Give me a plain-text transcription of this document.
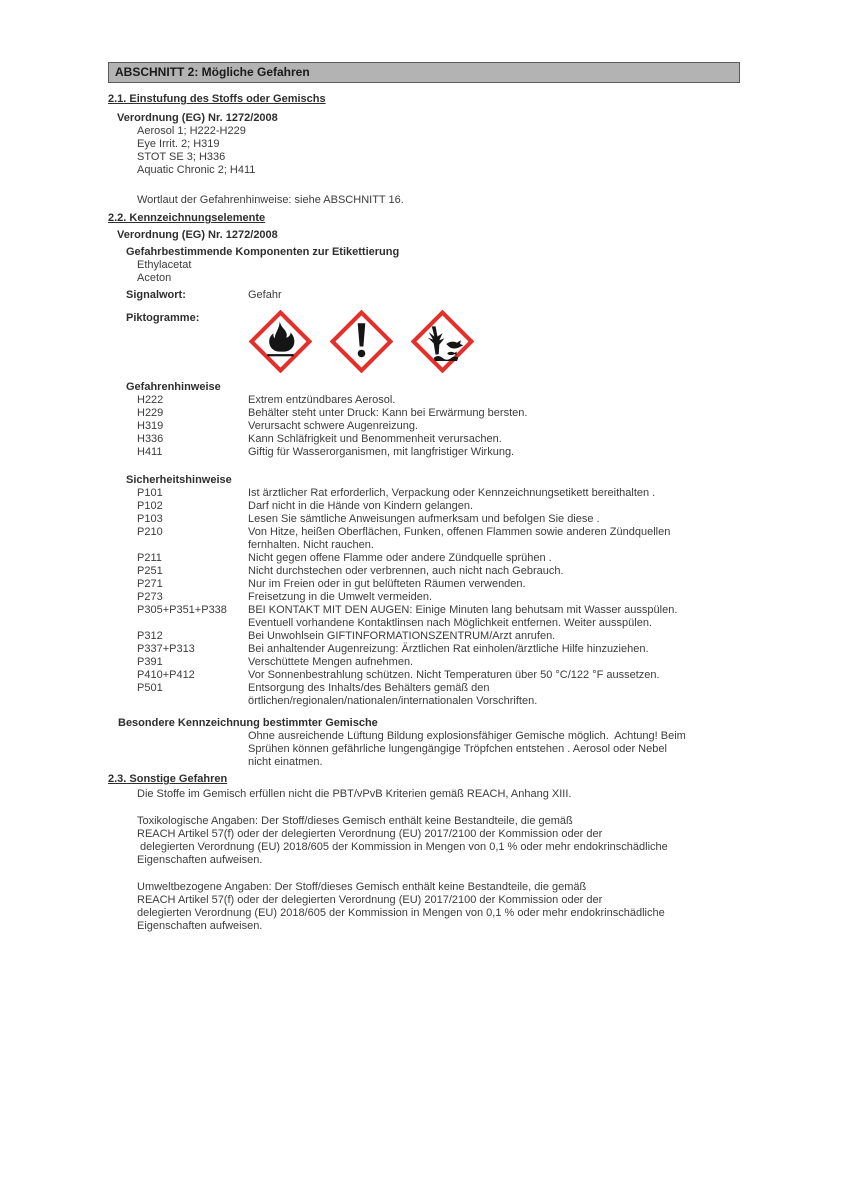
ABSCHNITT 2: Mögliche Gefahren
2.1. Einstufung des Stoffs oder Gemischs
Verordnung (EG) Nr. 1272/2008
Aerosol 1; H222-H229
Eye Irrit. 2; H319
STOT SE 3; H336
Aquatic Chronic 2; H411
Wortlaut der Gefahrenhinweise: siehe ABSCHNITT 16.
2.2. Kennzeichnungselemente
Verordnung (EG) Nr. 1272/2008
Gefahrbestimmende Komponenten zur Etikettierung
Ethylacetat
Aceton
Signalwort:	Gefahr
Piktogramme:
Gefahrenhinweise
H222	Extrem entzündbares Aerosol.
H229	Behälter steht unter Druck: Kann bei Erwärmung bersten.
H319	Verursacht schwere Augenreizung.
H336	Kann Schläfrigkeit und Benommenheit verursachen.
H411	Giftig für Wasserorganismen, mit langfristiger Wirkung.
Sicherheitshinweise
P101	Ist ärztlicher Rat erforderlich, Verpackung oder Kennzeichnungsetikett bereithalten .
P102	Darf nicht in die Hände von Kindern gelangen.
P103	Lesen Sie sämtliche Anweisungen aufmerksam und befolgen Sie diese .
P210	Von Hitze, heißen Oberflächen, Funken, offenen Flammen sowie anderen Zündquellen
fernhalten. Nicht rauchen.
P211	Nicht gegen offene Flamme oder andere Zündquelle sprühen .
P251	Nicht durchstechen oder verbrennen, auch nicht nach Gebrauch.
P271	Nur im Freien oder in gut belüfteten Räumen verwenden.
P273	Freisetzung in die Umwelt vermeiden.
P305+P351+P338	BEI KONTAKT MIT DEN AUGEN: Einige Minuten lang behutsam mit Wasser ausspülen.
Eventuell vorhandene Kontaktlinsen nach Möglichkeit entfernen. Weiter ausspülen.
P312	Bei Unwohlsein GIFTINFORMATIONSZENTRUM/Arzt anrufen.
P337+P313	Bei anhaltender Augenreizung: Ärztlichen Rat einholen/ärztliche Hilfe hinzuziehen.
P391	Verschüttete Mengen aufnehmen.
P410+P412	Vor Sonnenbestrahlung schützen. Nicht Temperaturen über 50 °C/122 °F aussetzen.
P501	Entsorgung des Inhalts/des Behälters gemäß den
örtlichen/regionalen/nationalen/internationalen Vorschriften.
Besondere Kennzeichnung bestimmter Gemische
Ohne ausreichende Lüftung Bildung explosionsfähiger Gemische möglich.  Achtung! Beim
Sprühen können gefährliche lungengängige Tröpfchen entstehen . Aerosol oder Nebel
nicht einatmen.
2.3. Sonstige Gefahren
Die Stoffe im Gemisch erfüllen nicht die PBT/vPvB Kriterien gemäß REACH, Anhang XIII.
Toxikologische Angaben: Der Stoff/dieses Gemisch enthält keine Bestandteile, die gemäß
REACH Artikel 57(f) oder der delegierten Verordnung (EU) 2017/2100 der Kommission oder der
delegierten Verordnung (EU) 2018/605 der Kommission in Mengen von 0,1 % oder mehr endokrinschädliche
Eigenschaften aufweisen.
Umweltbezogene Angaben: Der Stoff/dieses Gemisch enthält keine Bestandteile, die gemäß
REACH Artikel 57(f) oder der delegierten Verordnung (EU) 2017/2100 der Kommission oder der
delegierten Verordnung (EU) 2018/605 der Kommission in Mengen von 0,1 % oder mehr endokrinschädliche
Eigenschaften aufweisen.
